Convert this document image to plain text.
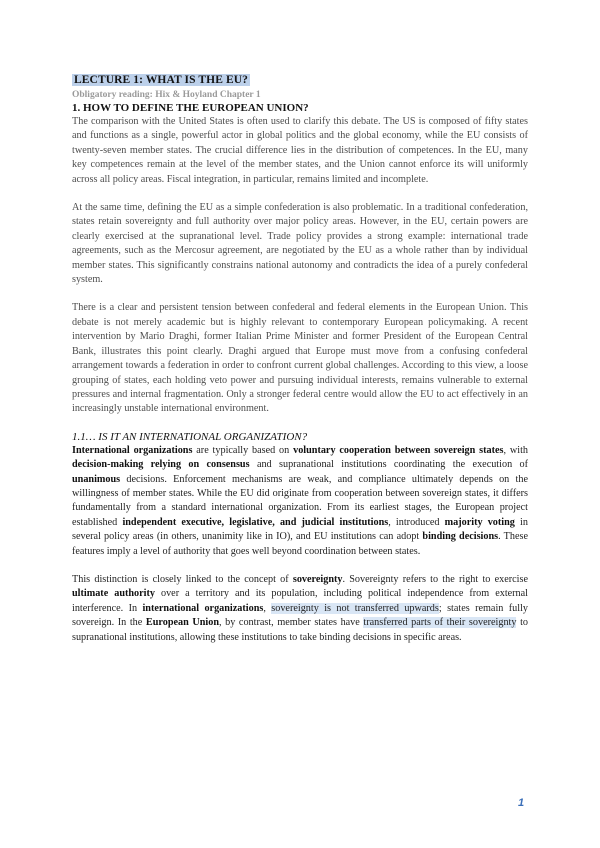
LECTURE 1: WHAT IS THE EU?
Obligatory reading: Hix & Hoyland Chapter 1
1. HOW TO DEFINE THE EUROPEAN UNION?

The comparison with the United States is often used to clarify this debate. The US is composed of fifty states and functions as a single, powerful actor in global politics and the global economy, while the EU consists of twenty-seven member states. The crucial difference lies in the distribution of competences. In the EU, many key competences remain at the level of the member states, and the Union cannot enforce its will uniformly across all policy areas. Fiscal integration, in particular, remains limited and incomplete.

At the same time, defining the EU as a simple confederation is also problematic. In a traditional confederation, states retain sovereignty and full authority over major policy areas. However, in the EU, certain powers are clearly exercised at the supranational level. Trade policy provides a strong example: international trade agreements, such as the Mercosur agreement, are negotiated by the EU as a whole rather than by individual member states. This significantly constrains national autonomy and contradicts the idea of a purely confederal system.

There is a clear and persistent tension between confederal and federal elements in the European Union. This debate is not merely academic but is highly relevant to contemporary European policymaking. A recent intervention by Mario Draghi, former Italian Prime Minister and former President of the European Central Bank, illustrates this point clearly. Draghi argued that Europe must move from a confusing confederal arrangement towards a federation in order to confront current global challenges. According to this view, a loose grouping of states, each holding veto power and pursuing individual interests, remains vulnerable to external pressures and internal fragmentation. Only a stronger federal centre would allow the EU to act effectively in an increasingly unstable international environment.

1.1… IS IT AN INTERNATIONAL ORGANIZATION?

International organizations are typically based on voluntary cooperation between sovereign states, with decision-making relying on consensus and supranational institutions coordinating the execution of unanimous decisions. Enforcement mechanisms are weak, and compliance ultimately depends on the willingness of member states. While the EU did originate from cooperation between sovereign states, it differs fundamentally from a standard international organization. From its earliest stages, the European project established independent executive, legislative, and judicial institutions, introduced majority voting in several policy areas (in others, unanimity like in IO), and EU institutions can adopt binding decisions. These features imply a level of authority that goes well beyond coordination between states.

This distinction is closely linked to the concept of sovereignty. Sovereignty refers to the right to exercise ultimate authority over a territory and its population, including political independence from external interference. In international organizations, sovereignty is not transferred upwards; states remain fully sovereign. In the European Union, by contrast, member states have transferred parts of their sovereignty to supranational institutions, allowing these institutions to take binding decisions in specific areas.

1
